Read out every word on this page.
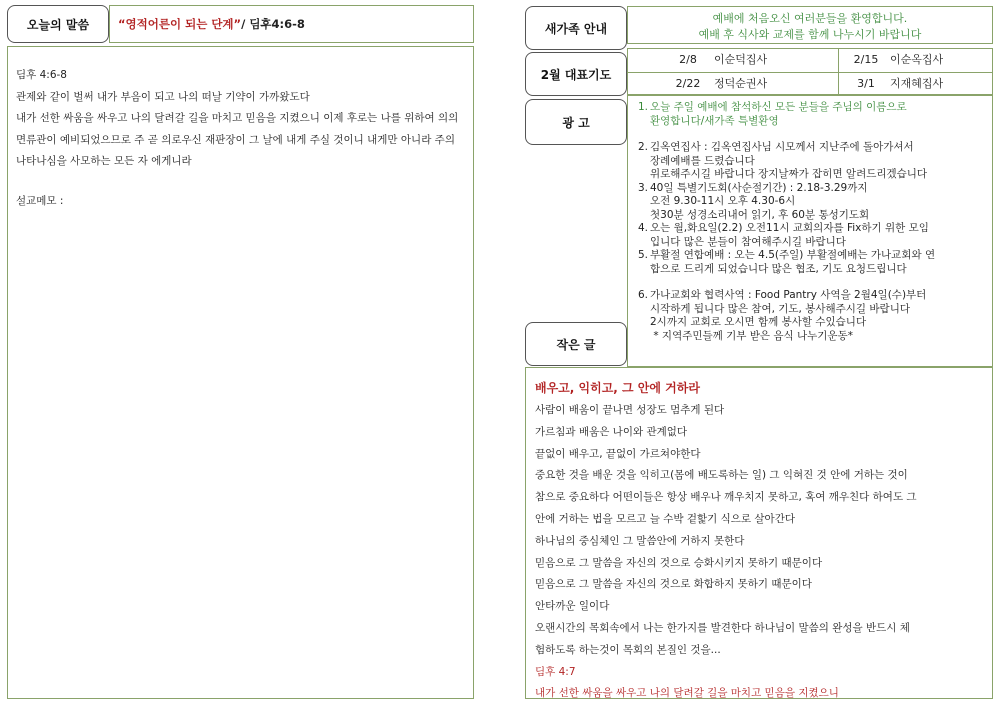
오늘의 말씀	“영적어른이 되는 단계”/ 딤후4:6-8

딤후 4:6-8

관제와 같이 벌써 내가 부음이 되고 나의 떠날 기약이 가까왔도다

내가 선한 싸움을 싸우고 나의 달려갈 길을 마치고 믿음을 지켰으니 이제 후로는 나를 위하여 의의

면류관이 예비되었으므로 주 곧 의로우신 재판장이 그 날에 내게 주실 것이니 내게만 아니라 주의

나타나심을 사모하는 모든 자 에게니라

설교메모 :

새가족 안내
예배에 처음오신 여러분들을 환영합니다.
예배 후 식사와 교제를 함께 나누시기 바랍니다
2월 대표기도
2/8	이순덕집사	2/15	이순옥집사
2/22	정덕순권사	3/1	지재혜집사
광 고
1. 오늘 주일 예배에 참석하신 모든 분들을 주님의 이름으로
환영합니다/새가족 특별환영
2. 김옥연집사 : 김옥연집사님 시모께서 지난주에 돌아가셔서
장례예배를 드렸습니다
위로해주시길 바랍니다 장지날짜가 잡히면 알려드리겠습니다
3. 40일 특별기도회(사순절기간) : 2.18-3.29까지
오전 9.30-11시 오후 4.30-6시
첫30분 성경소리내어 읽기, 후 60분 통성기도회
4. 오는 월,화요일(2.2) 오전11시 교회의자를 Fix하기 위한 모임
입니다 많은 분들이 참여해주시길 바랍니다
5. 부활절 연합예배 : 오는 4.5(주일) 부활절예배는 가나교회와 연
합으로 드리게 되었습니다 많은 협조, 기도 요청드립니다
6. 가나교회와 협력사역 : Food Pantry 사역을 2월4일(수)부터
시작하게 됩니다 많은 참여, 기도, 봉사해주시길 바랍니다
2시까지 교회로 오시면 함께 봉사할 수있습니다
* 지역주민들께 기부 받은 음식 나누기운동*
작은 글

배우고, 익히고, 그 안에 거하라

사람이 배움이 끝나면 성장도 멈추게 된다

가르침과 배움은 나이와 관계없다

끝없이 배우고, 끝없이 가르쳐야한다

중요한 것을 배운 것을 익히고(몸에 배도록하는 일) 그 익혀진 것 안에 거하는 것이

참으로 중요하다 어떤이들은 항상 배우나 깨우치지 못하고, 혹여 깨우친다 하여도 그

안에 거하는 법을 모르고 늘 수박 겉핥기 식으로 살아간다

하나님의 중심체인 그 말씀안에 거하지 못한다

믿음으로 그 말씀을 자신의 것으로 승화시키지 못하기 때문이다

믿음으로 그 말씀을 자신의 것으로 화합하지 못하기 때문이다

안타까운 일이다

오랜시간의 목회속에서 나는 한가지를 발견한다 하나님이 말씀의 완성을 반드시 체

험하도록 하는것이 목회의 본질인 것을...

딤후 4:7

내가 선한 싸움을 싸우고 나의 달려갈 길을 마치고 믿음을 지켰으니
